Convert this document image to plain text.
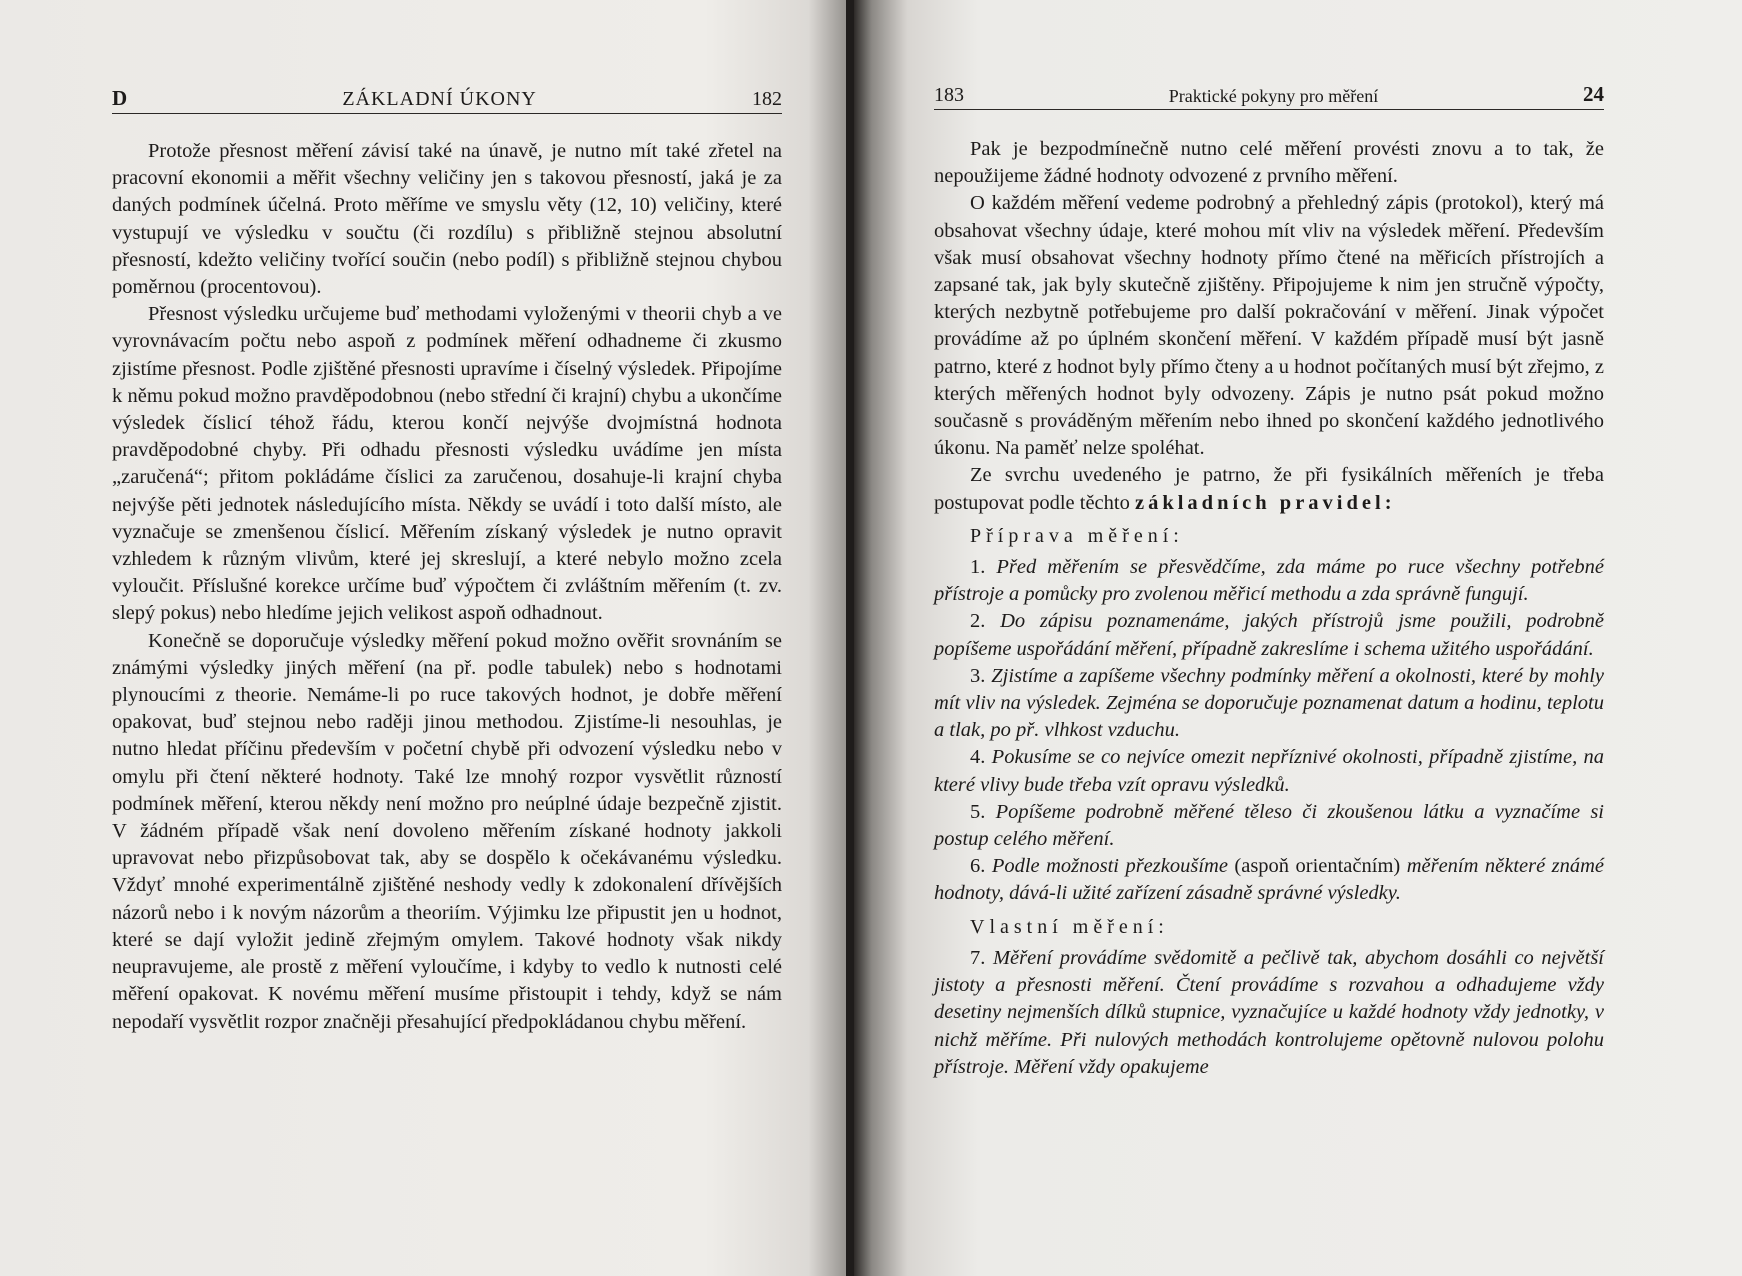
D	ZÁKLADNÍ ÚKONY	182

Protože přesnost měření závisí také na únavě, je nutno mít také zřetel na pracovní ekonomii a měřit všechny veličiny jen s takovou přesností, jaká je za daných podmínek účelná. Proto měříme ve smyslu věty (12, 10) veličiny, které vystupují ve výsledku v součtu (či rozdílu) s přibližně stejnou absolutní přesností, kdežto veličiny tvořící součin (nebo podíl) s přibližně stejnou chybou poměrnou (procentovou).

Přesnost výsledku určujeme buď methodami vyloženými v theorii chyb a ve vyrovnávacím počtu nebo aspoň z podmínek měření odhadneme či zkusmo zjistíme přesnost. Podle zjištěné přesnosti upravíme i číselný výsledek. Připojíme k němu pokud možno pravděpodobnou (nebo střední či krajní) chybu a ukončíme výsledek číslicí téhož řádu, kterou končí nejvýše dvojmístná hodnota pravděpodobné chyby. Při odhadu přesnosti výsledku uvádíme jen místa „zaručená“; přitom pokládáme číslici za zaručenou, dosahuje-li krajní chyba nejvýše pěti jednotek následujícího místa. Někdy se uvádí i toto další místo, ale vyznačuje se zmenšenou číslicí. Měřením získaný výsledek je nutno opravit vzhledem k různým vlivům, které jej skreslují, a které nebylo možno zcela vyloučit. Příslušné korekce určíme buď výpočtem či zvláštním měřením (t. zv. slepý pokus) nebo hledíme jejich velikost aspoň odhadnout.

Konečně se doporučuje výsledky měření pokud možno ověřit srovnáním se známými výsledky jiných měření (na př. podle tabulek) nebo s hodnotami plynoucími z theorie. Nemáme-li po ruce takových hodnot, je dobře měření opakovat, buď stejnou nebo raději jinou methodou. Zjistíme-li nesouhlas, je nutno hledat příčinu především v početní chybě při odvození výsledku nebo v omylu při čtení některé hodnoty. Také lze mnohý rozpor vysvětlit růzností podmínek měření, kterou někdy není možno pro neúplné údaje bezpečně zjistit. V žádném případě však není dovoleno měřením získané hodnoty jakkoli upravovat nebo přizpůsobovat tak, aby se dospělo k očekávanému výsledku. Vždyť mnohé experimentálně zjištěné neshody vedly k zdokonalení dřívějších názorů nebo i k novým názorům a theoriím. Výjimku lze připustit jen u hodnot, které se dají vyložit jedině zřejmým omylem. Takové hodnoty však nikdy neupravujeme, ale prostě z měření vyloučíme, i kdyby to vedlo k nutnosti celé měření opakovat. K novému měření musíme přistoupit i tehdy, když se nám nepodaří vysvětlit rozpor značněji přesahující předpokládanou chybu měření.

183	Praktické pokyny pro měření	24

Pak je bezpodmínečně nutno celé měření provésti znovu a to tak, že nepoužijeme žádné hodnoty odvozené z prvního měření.

O každém měření vedeme podrobný a přehledný zápis (protokol), který má obsahovat všechny údaje, které mohou mít vliv na výsledek měření. Především však musí obsahovat všechny hodnoty přímo čtené na měřicích přístrojích a zapsané tak, jak byly skutečně zjištěny. Připojujeme k nim jen stručně výpočty, kterých nezbytně potřebujeme pro další pokračování v měření. Jinak výpočet provádíme až po úplném skončení měření. V každém případě musí být jasně patrno, které z hodnot byly přímo čteny a u hodnot počítaných musí být zřejmo, z kterých měřených hodnot byly odvozeny. Zápis je nutno psát pokud možno současně s prováděným měřením nebo ihned po skončení každého jednotlivého úkonu. Na paměť nelze spoléhat.

Ze svrchu uvedeného je patrno, že při fysikálních měřeních je třeba postupovat podle těchto základních pravidel:

Příprava měření:

1. Před měřením se přesvědčíme, zda máme po ruce všechny potřebné přístroje a pomůcky pro zvolenou měřicí methodu a zda správně fungují.

2. Do zápisu poznamenáme, jakých přístrojů jsme použili, podrobně popíšeme uspořádání měření, případně zakreslíme i schema užitého uspořádání.

3. Zjistíme a zapíšeme všechny podmínky měření a okolnosti, které by mohly mít vliv na výsledek. Zejména se doporučuje poznamenat datum a hodinu, teplotu a tlak, po př. vlhkost vzduchu.

4. Pokusíme se co nejvíce omezit nepříznivé okolnosti, případně zjistíme, na které vlivy bude třeba vzít opravu výsledků.

5. Popíšeme podrobně měřené těleso či zkoušenou látku a vyznačíme si postup celého měření.

6. Podle možnosti přezkoušíme (aspoň orientačním) měřením některé známé hodnoty, dává-li užité zařízení zásadně správné výsledky.

Vlastní měření:

7. Měření provádíme svědomitě a pečlivě tak, abychom dosáhli co největší jistoty a přesnosti měření. Čtení provádíme s rozvahou a odhadujeme vždy desetiny nejmenších dílků stupnice, vyznačujíce u každé hodnoty vždy jednotky, v nichž měříme. Při nulových methodách kontrolujeme opětovně nulovou polohu přístroje. Měření vždy opakujeme
